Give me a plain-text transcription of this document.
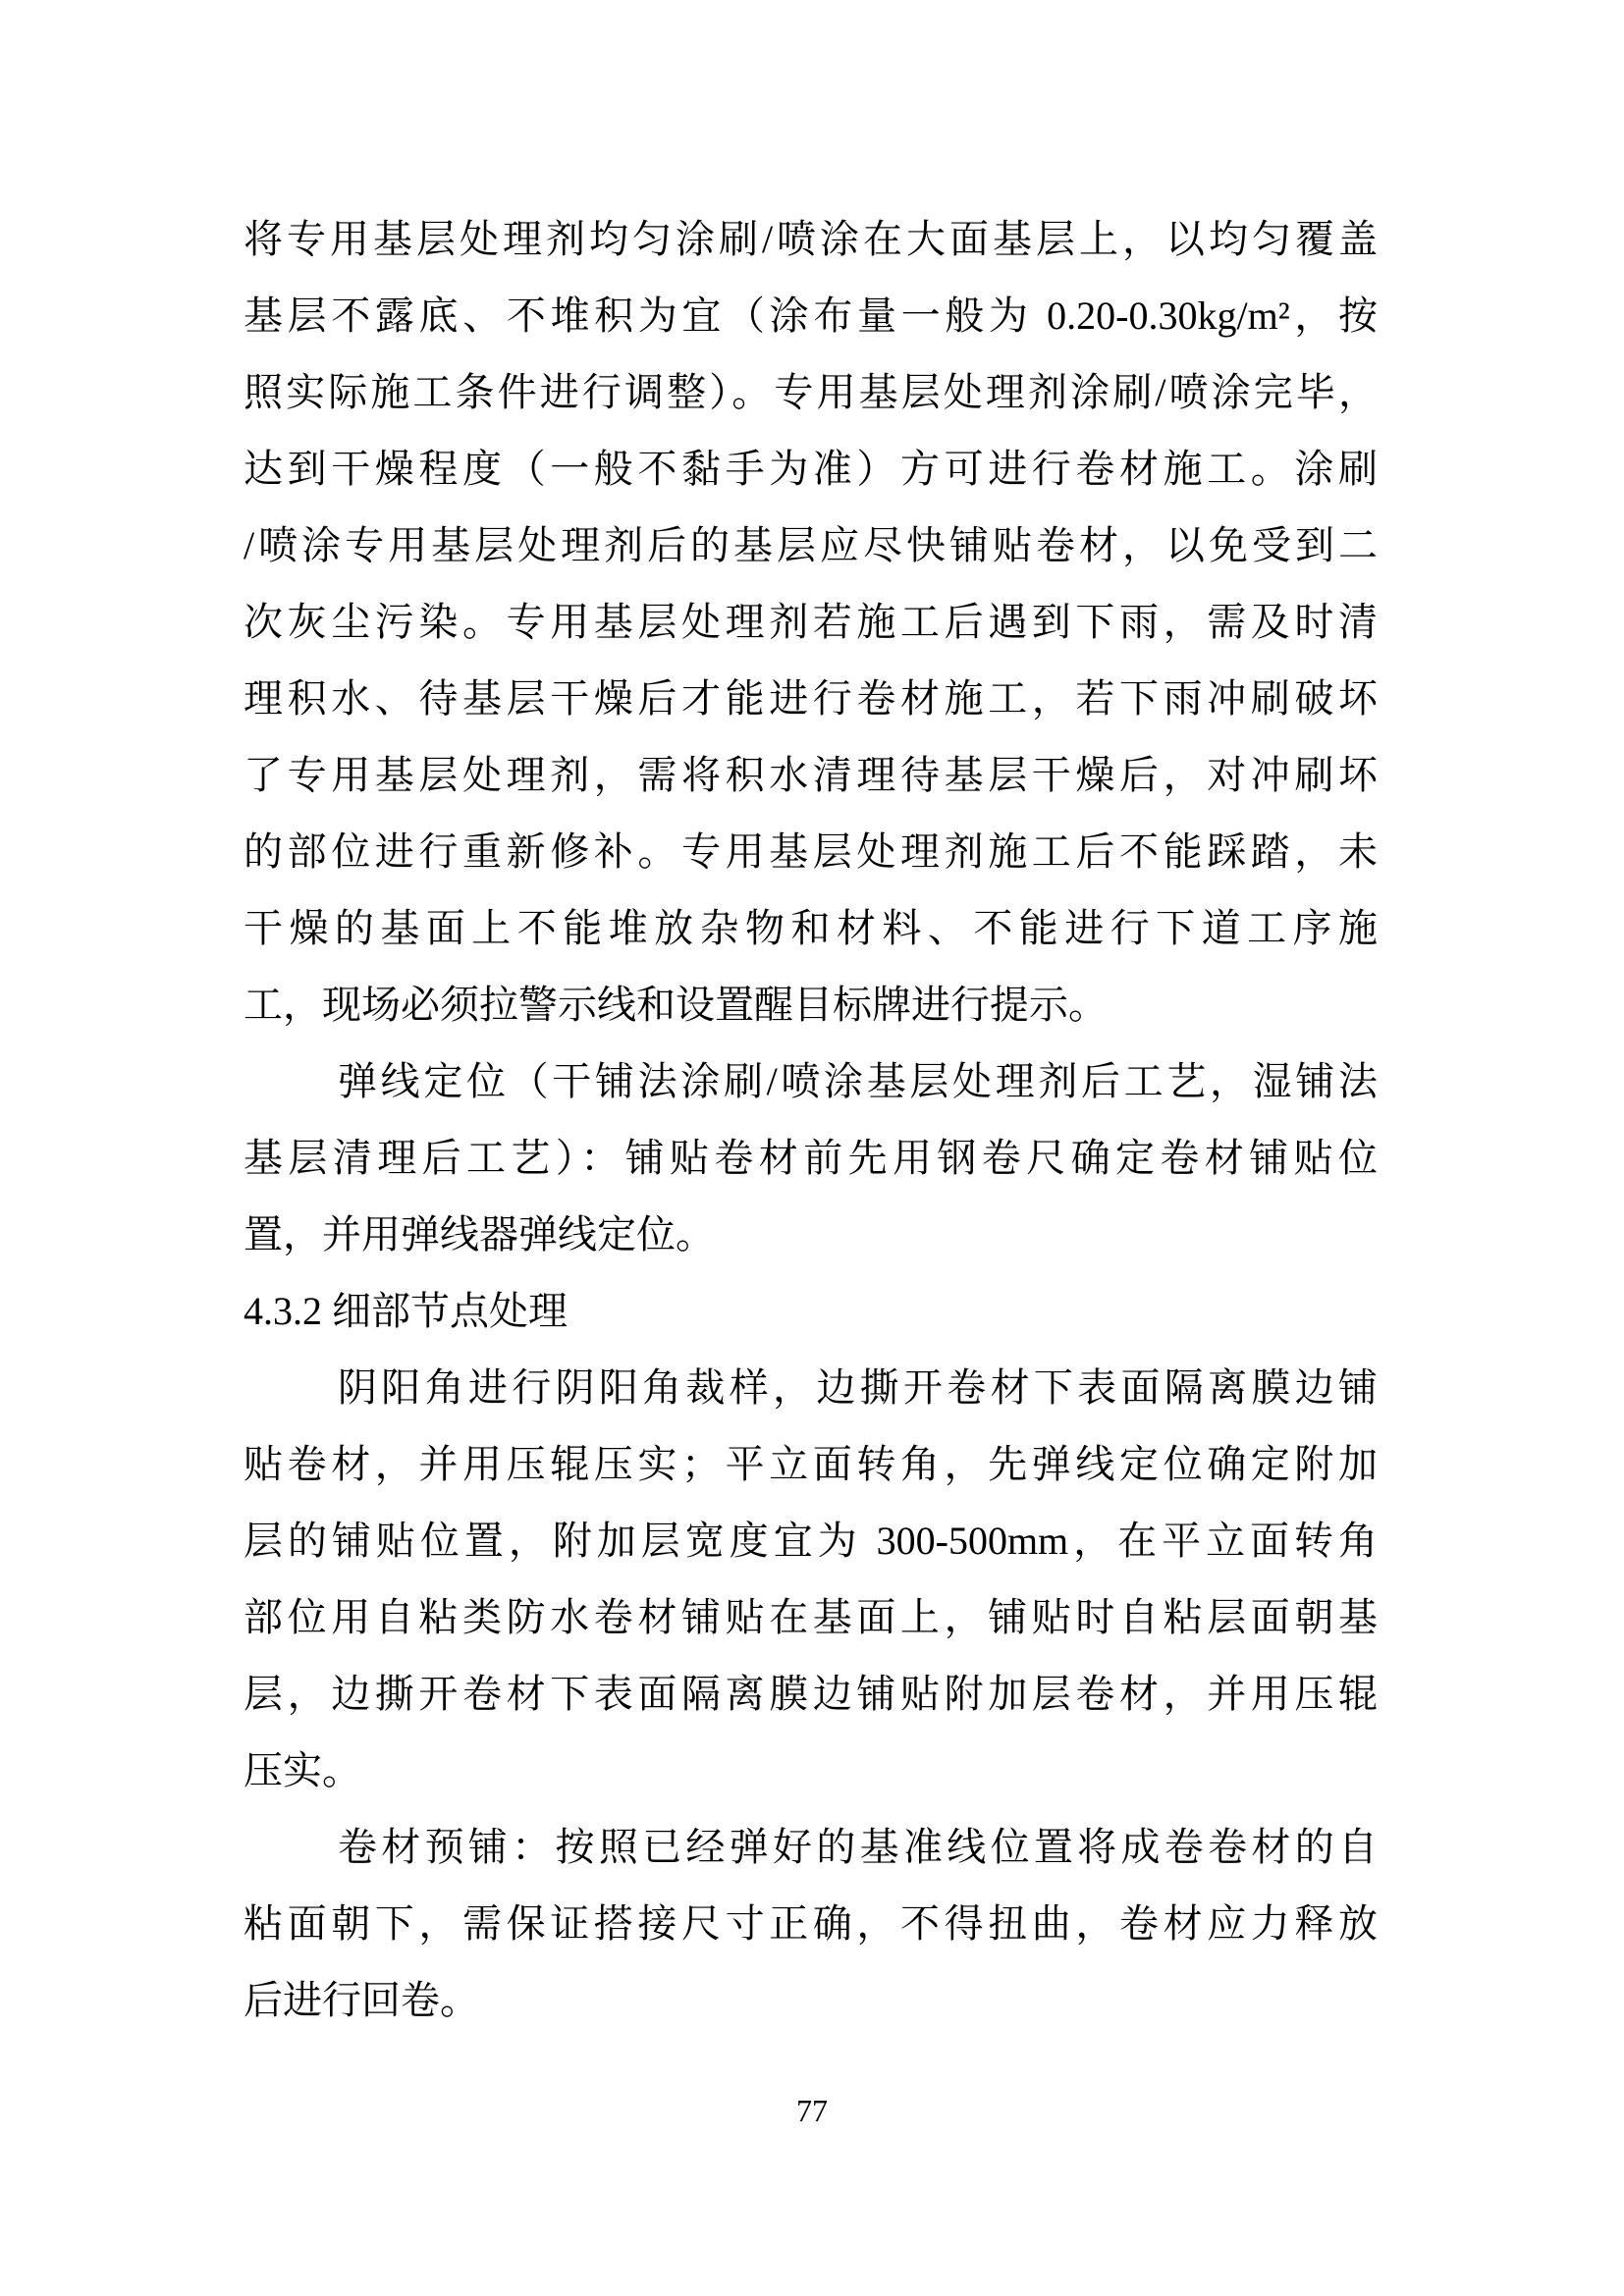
将专用基层处理剂均匀涂刷/喷涂在大面基层上，以均匀覆盖
基层不露底、不堆积为宜（涂布量一般为 0.20-0.30kg/m²，按
照实际施工条件进行调整）。专用基层处理剂涂刷/喷涂完毕，
达到干燥程度（一般不黏手为准）方可进行卷材施工。涂刷
/喷涂专用基层处理剂后的基层应尽快铺贴卷材，以免受到二
次灰尘污染。专用基层处理剂若施工后遇到下雨，需及时清
理积水、待基层干燥后才能进行卷材施工，若下雨冲刷破坏
了专用基层处理剂，需将积水清理待基层干燥后，对冲刷坏
的部位进行重新修补。专用基层处理剂施工后不能踩踏，未
干燥的基面上不能堆放杂物和材料、不能进行下道工序施
工，现场必须拉警示线和设置醒目标牌进行提示。
弹线定位（干铺法涂刷/喷涂基层处理剂后工艺，湿铺法
基层清理后工艺）：铺贴卷材前先用钢卷尺确定卷材铺贴位
置，并用弹线器弹线定位。
4.3.2 细部节点处理
阴阳角进行阴阳角裁样，边撕开卷材下表面隔离膜边铺
贴卷材，并用压辊压实；平立面转角，先弹线定位确定附加
层的铺贴位置，附加层宽度宜为 300-500mm，在平立面转角
部位用自粘类防水卷材铺贴在基面上，铺贴时自粘层面朝基
层，边撕开卷材下表面隔离膜边铺贴附加层卷材，并用压辊
压实。
卷材预铺：按照已经弹好的基准线位置将成卷卷材的自
粘面朝下，需保证搭接尺寸正确，不得扭曲，卷材应力释放
后进行回卷。
77
